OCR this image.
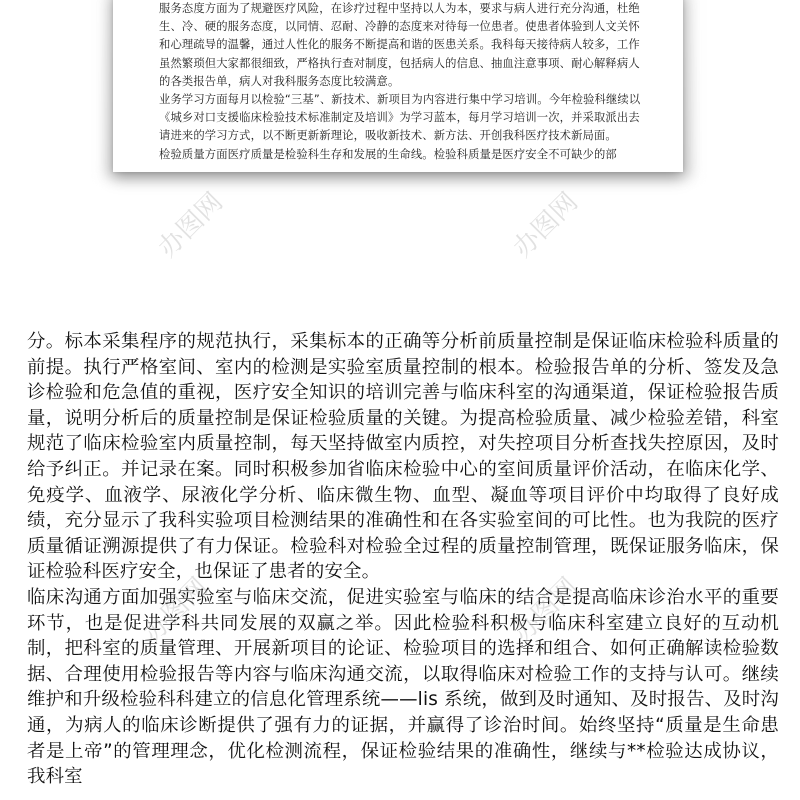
服务态度方面为了规避医疗风险，在诊疗过程中坚持以人为本，要求与病人进行充分沟通，杜绝生、冷、硬的服务态度，以同情、忍耐、冷静的态度来对待每一位患者。使患者体验到人文关怀和心理疏导的温馨，通过人性化的服务不断提高和谐的医患关系。我科每天接待病人较多，工作虽然繁琐但大家都很细致，严格执行查对制度，包括病人的信息、抽血注意事项、耐心解释病人的各类报告单，病人对我科服务态度比较满意。

业务学习方面每月以检验“三基”、新技术、新项目为内容进行集中学习培训。今年检验科继续以《城乡对口支援临床检验技术标准制定及培训》为学习蓝本，每月学习培训一次，并采取派出去请进来的学习方式，以不断更新新理论，吸收新技术、新方法、开创我科医疗技术新局面。

检验质量方面医疗质量是检验科生存和发展的生命线。检验科质量是医疗安全不可缺少的部

分。标本采集程序的规范执行，采集标本的正确等分析前质量控制是保证临床检验科质量的前提。执行严格室间、室内的检测是实验室质量控制的根本。检验报告单的分析、签发及急诊检验和危急值的重视，医疗安全知识的培训完善与临床科室的沟通渠道，保证检验报告质量，说明分析后的质量控制是保证检验质量的关键。为提高检验质量、减少检验差错，科室规范了临床检验室内质量控制，每天坚持做室内质控，对失控项目分析查找失控原因，及时给予纠正。并记录在案。同时积极参加省临床检验中心的室间质量评价活动，在临床化学、免疫学、血液学、尿液化学分析、临床微生物、血型、凝血等项目评价中均取得了良好成绩，充分显示了我科实验项目检测结果的准确性和在各实验室间的可比性。也为我院的医疗质量循证溯源提供了有力保证。检验科对检验全过程的质量控制管理，既保证服务临床，保证检验科医疗安全，也保证了患者的安全。

临床沟通方面加强实验室与临床交流，促进实验室与临床的结合是提高临床诊治水平的重要环节，也是促进学科共同发展的双赢之举。因此检验科积极与临床科室建立良好的互动机制，把科室的质量管理、开展新项目的论证、检验项目的选择和组合、如何正确解读检验数据、合理使用检验报告等内容与临床沟通交流，以取得临床对检验工作的支持与认可。继续维护和升级检验科科建立的信息化管理系统——lis 系统，做到及时通知、及时报告、及时沟通，为病人的临床诊断提供了强有力的证据，并赢得了诊治时间。始终坚持“质量是生命患者是上帝”的管理理念，优化检测流程，保证检验结果的准确性，继续与**检验达成协议，我科室

办图网	办图网
办图网	办图网
